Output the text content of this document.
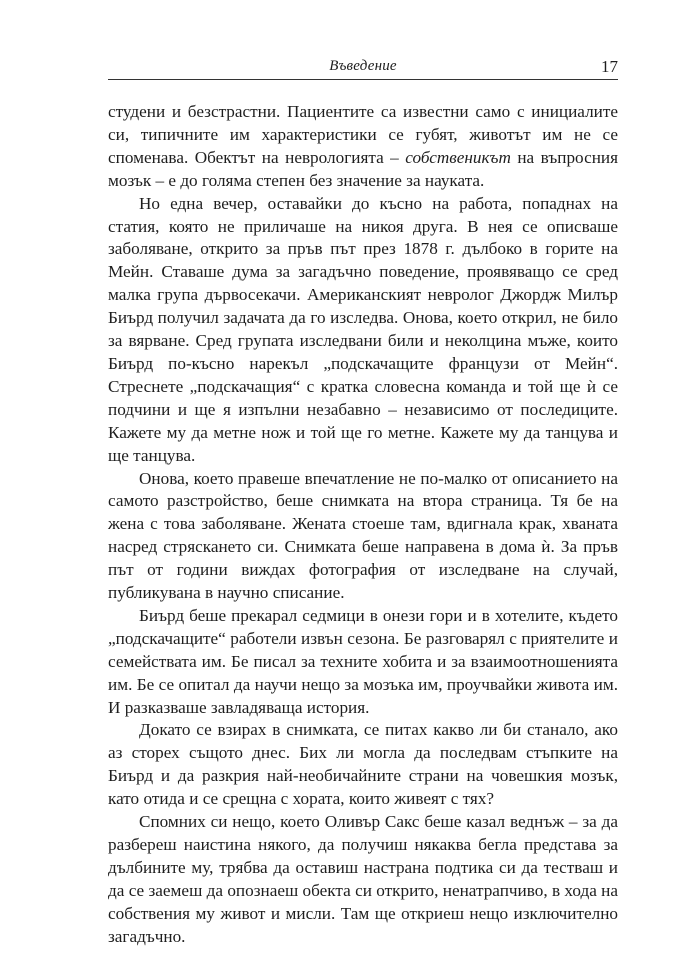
Въведение	17

студени и безстрастни. Пациентите са известни само с инициалите си, типичните им характеристики се губят, животът им не се споменава. Обектът на неврологията – собственикът на въпросния мозък – е до голяма степен без значение за науката.

Но една вечер, оставайки до късно на работа, попаднах на статия, която не приличаше на никоя друга. В нея се описваше заболяване, открито за пръв път през 1878 г. дълбоко в горите на Мейн. Ставаше дума за загадъчно поведение, проявяващо се сред малка група дървосекачи. Американският невролог Джордж Милър Биърд получил задачата да го изследва. Онова, което открил, не било за вярване. Сред групата изследвани били и неколцина мъже, които Биърд по-късно нарекъл „подскачащите французи от Мейн“. Стреснете „подскачащия“ с кратка словесна команда и той ще ѝ се подчини и ще я изпълни незабавно – независимо от последиците. Кажете му да метне нож и той ще го метне. Кажете му да танцува и ще танцува.

Онова, което правеше впечатление не по-малко от описанието на самото разстройство, беше снимката на втора страница. Тя бе на жена с това заболяване. Жената стоеше там, вдигнала крак, хваната насред стряскането си. Снимката беше направена в дома ѝ. За пръв път от години виждах фотография от изследване на случай, публикувана в научно списание.

Биърд беше прекарал седмици в онези гори и в хотелите, където „подскачащите“ работели извън сезона. Бе разговарял с приятелите и семействата им. Бе писал за техните хобита и за взаимоотношенията им. Бе се опитал да научи нещо за мозъка им, проучвайки живота им. И разказваше завладяваща история.

Докато се взирах в снимката, се питах какво ли би станало, ако аз сторех същото днес. Бих ли могла да последвам стъпките на Биърд и да разкрия най-необичайните страни на човешкия мозък, като отида и се срещна с хората, които живеят с тях?

Спомних си нещо, което Оливър Сакс беше казал веднъж – за да разбереш наистина някого, да получиш някаква бегла представа за дълбините му, трябва да оставиш настрана подтика си да тестваш и да се заемеш да опознаеш обекта си открито, ненатрапчиво, в хода на собствения му живот и мисли. Там ще откриеш нещо изключително загадъчно.
